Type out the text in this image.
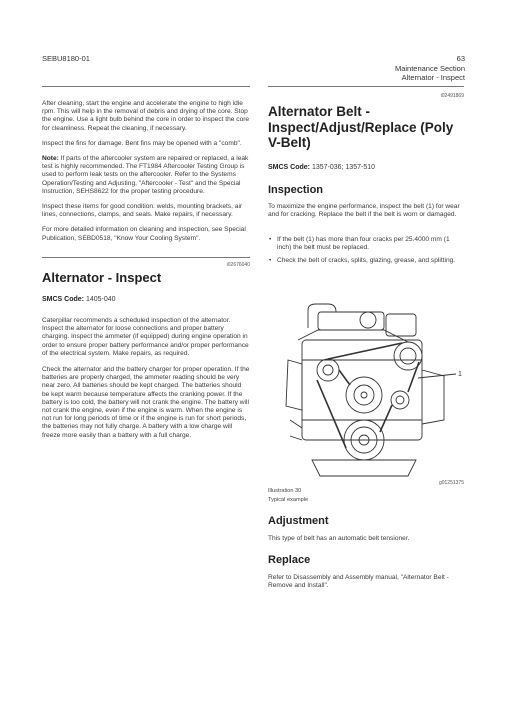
SEBU8180-01	63
Maintenance Section
Alternator - Inspect

After cleaning, start the engine and accelerate the engine to high idle rpm. This will help in the removal of debris and drying of the core. Stop the engine. Use a light bulb behind the core in order to inspect the core for cleanliness. Repeat the cleaning, if necessary.

Inspect the fins for damage. Bent fins may be opened with a "comb".

Note: If parts of the aftercooler system are repaired or replaced, a leak test is highly recommended. The FT1984 Aftercooler Testing Group is used to perform leak tests on the aftercooler. Refer to the Systems Operation/Testing and Adjusting, "Aftercooler - Test" and the Special Instruction, SEHS8622 for the proper testing procedure.

Inspect these items for good condition: welds, mounting brackets, air lines, connections, clamps, and seals. Make repairs, if necessary.

For more detailed information on cleaning and inspection, see Special Publication, SEBD0518, "Know Your Cooling System".

i02676040
Alternator - Inspect
SMCS Code: 1405-040

Caterpillar recommends a scheduled inspection of the alternator. Inspect the alternator for loose connections and proper battery charging. Inspect the ammeter (if equipped) during engine operation in order to ensure proper battery performance and/or proper performance of the electrical system. Make repairs, as required.

Check the alternator and the battery charger for proper operation. If the batteries are properly charged, the ammeter reading should be very near zero. All batteries should be kept charged. The batteries should be kept warm because temperature affects the cranking power. If the battery is too cold, the battery will not crank the engine. The battery will not crank the engine, even if the engine is warm. When the engine is not run for long periods of time or if the engine is run for short periods, the batteries may not fully charge. A battery with a low charge will freeze more easily than a battery with a full charge.

i02491869
Alternator Belt - Inspect/Adjust/Replace (Poly V-Belt)
SMCS Code: 1357-036; 1357-510
Inspection
To maximize the engine performance, inspect the belt (1) for wear and for cracking. Replace the belt if the belt is worn or damaged.
• If the belt (1) has more than four cracks per 25.4000 mm (1 inch) the belt must be replaced.
• Check the belt of cracks, splits, glazing, grease, and splitting.
1
g01251375
Illustration 30
Typical example
Adjustment
This type of belt has an automatic belt tensioner.
Replace
Refer to Disassembly and Assembly manual, "Alternator Belt - Remove and Install".
